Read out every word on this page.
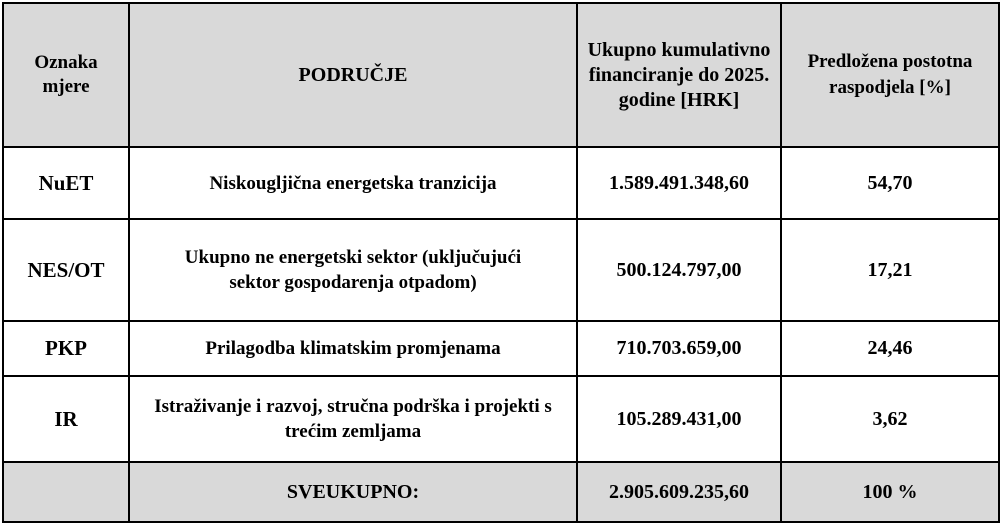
Oznaka mjere	PODRUČJE	Ukupno kumulativno financiranje do 2025. godine [HRK]	Predložena postotna raspodjela [%]
NuET	Niskougljična energetska tranzicija	1.589.491.348,60	54,70
NES/OT	Ukupno ne energetski sektor (uključujući sektor gospodarenja otpadom)	500.124.797,00	17,21
PKP	Prilagodba klimatskim promjenama	710.703.659,00	24,46
IR	Istraživanje i razvoj, stručna podrška i projekti s trećim zemljama	105.289.431,00	3,62
	SVEUKUPNO:	2.905.609.235,60	100 %
